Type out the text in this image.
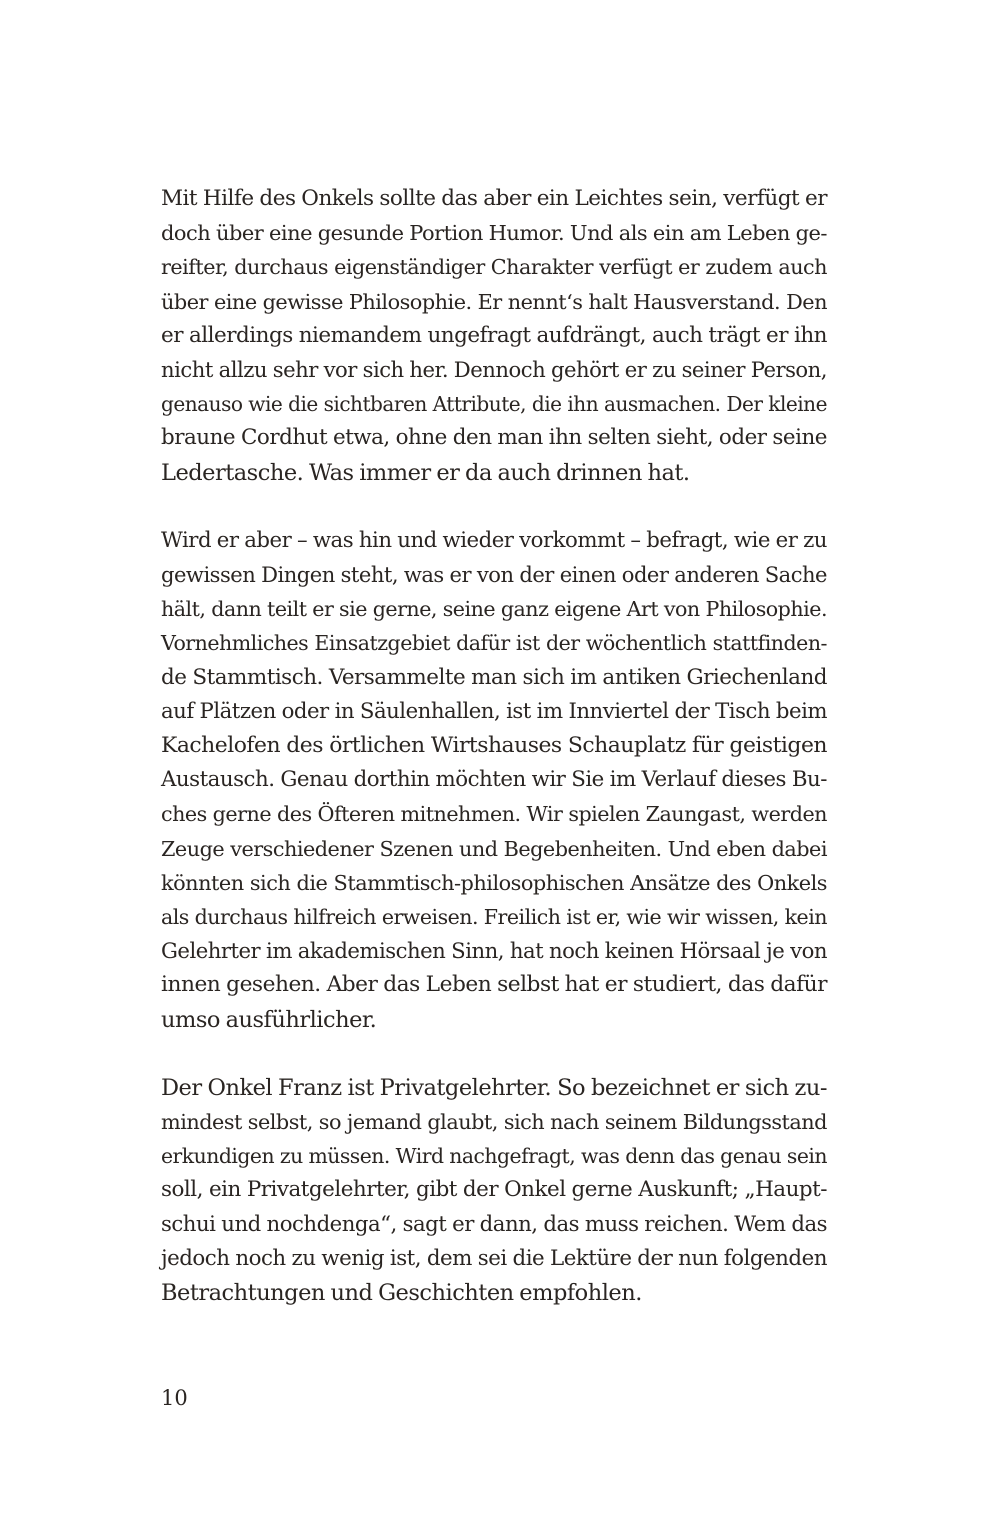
Mit Hilfe des Onkels sollte das aber ein Leichtes sein, verfügt er
doch über eine gesunde Portion Humor. Und als ein am Leben ge-
reifter, durchaus eigenständiger Charakter verfügt er zudem auch
über eine gewisse Philosophie. Er nennt‘s halt Hausverstand. Den
er allerdings niemandem ungefragt aufdrängt, auch trägt er ihn
nicht allzu sehr vor sich her. Dennoch gehört er zu seiner Person,
genauso wie die sichtbaren Attribute, die ihn ausmachen. Der kleine
braune Cordhut etwa, ohne den man ihn selten sieht, oder seine
Ledertasche. Was immer er da auch drinnen hat.
Wird er aber – was hin und wieder vorkommt – befragt, wie er zu
gewissen Dingen steht, was er von der einen oder anderen Sache
hält, dann teilt er sie gerne, seine ganz eigene Art von Philosophie.
Vornehmliches Einsatzgebiet dafür ist der wöchentlich stattfinden-
de Stammtisch. Versammelte man sich im antiken Griechenland
auf Plätzen oder in Säulenhallen, ist im Innviertel der Tisch beim
Kachelofen des örtlichen Wirtshauses Schauplatz für geistigen
Austausch. Genau dorthin möchten wir Sie im Verlauf dieses Bu-
ches gerne des Öfteren mitnehmen. Wir spielen Zaungast, werden
Zeuge verschiedener Szenen und Begebenheiten. Und eben dabei
könnten sich die Stammtisch-philosophischen Ansätze des Onkels
als durchaus hilfreich erweisen. Freilich ist er, wie wir wissen, kein
Gelehrter im akademischen Sinn, hat noch keinen Hörsaal je von
innen gesehen. Aber das Leben selbst hat er studiert, das dafür
umso ausführlicher.
Der Onkel Franz ist Privatgelehrter. So bezeichnet er sich zu-
mindest selbst, so jemand glaubt, sich nach seinem Bildungsstand
erkundigen zu müssen. Wird nachgefragt, was denn das genau sein
soll, ein Privatgelehrter, gibt der Onkel gerne Auskunft; „Haupt-
schui und nochdenga“, sagt er dann, das muss reichen. Wem das
jedoch noch zu wenig ist, dem sei die Lektüre der nun folgenden
Betrachtungen und Geschichten empfohlen.
10
